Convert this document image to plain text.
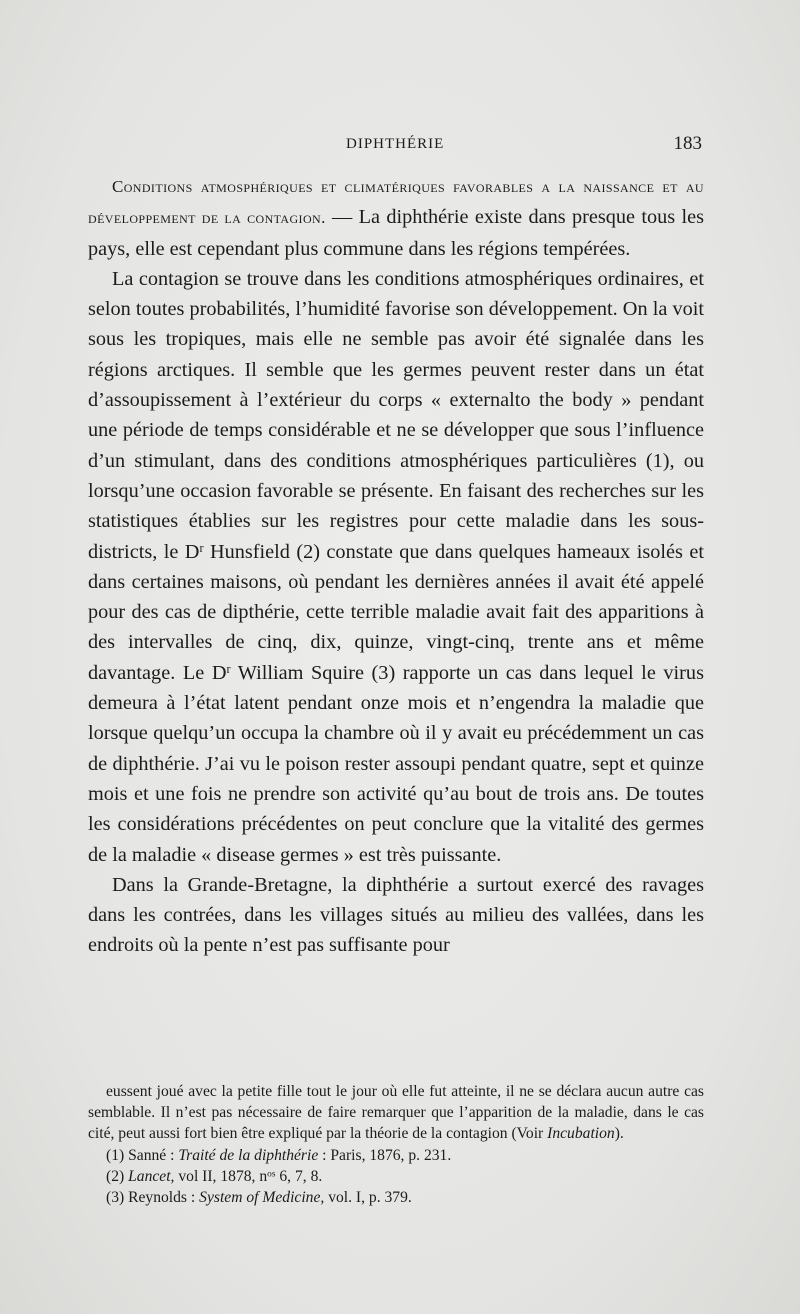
DIPHTHÉRIE	183

Conditions atmosphériques et climatériques favorables a la naissance et au développement de la contagion. — La diphthérie existe dans presque tous les pays, elle est cependant plus commune dans les régions tempérées.

La contagion se trouve dans les conditions atmosphériques ordinaires, et selon toutes probabilités, l’humidité favorise son développement. On la voit sous les tropiques, mais elle ne semble pas avoir été signalée dans les régions arctiques. Il semble que les germes peuvent rester dans un état d’assoupissement à l’extérieur du corps « externalto the body » pendant une période de temps considérable et ne se développer que sous l’influence d’un stimulant, dans des conditions atmosphériques particulières (1), ou lorsqu’une occasion favorable se présente. En faisant des recherches sur les statistiques établies sur les registres pour cette maladie dans les sous-districts, le $D^r$ Hunsfield (2) constate que dans quelques hameaux isolés et dans certaines maisons, où pendant les dernières années il avait été appelé pour des cas de dipthérie, cette terrible maladie avait fait des apparitions à des intervalles de cinq, dix, quinze, vingt-cinq, trente ans et même davantage. Le $D^r$ William Squire (3) rapporte un cas dans lequel le virus demeura à l’état latent pendant onze mois et n’engendra la maladie que lorsque quelqu’un occupa la chambre où il y avait eu précédemment un cas de diphthérie. J’ai vu le poison rester assoupi pendant quatre, sept et quinze mois et une fois ne prendre son activité qu’au bout de trois ans. De toutes les considérations précédentes on peut conclure que la vitalité des germes de la maladie « disease germes » est très puissante.

Dans la Grande-Bretagne, la diphthérie a surtout exercé des ravages dans les contrées, dans les villages situés au milieu des vallées, dans les endroits où la pente n’est pas suffisante pour

eussent joué avec la petite fille tout le jour où elle fut atteinte, il ne se déclara aucun autre cas semblable. Il n’est pas nécessaire de faire remarquer que l’apparition de la maladie, dans le cas cité, peut aussi fort bien être expliqué par la théorie de la contagion (Voir Incubation).

(1) Sanné : Traité de la diphthérie : Paris, 1876, p. 231.

(2) Lancet, vol II, 1878, $n^{os}$ 6, 7, 8.

(3) Reynolds : System of Medicine, vol. I, p. 379.
